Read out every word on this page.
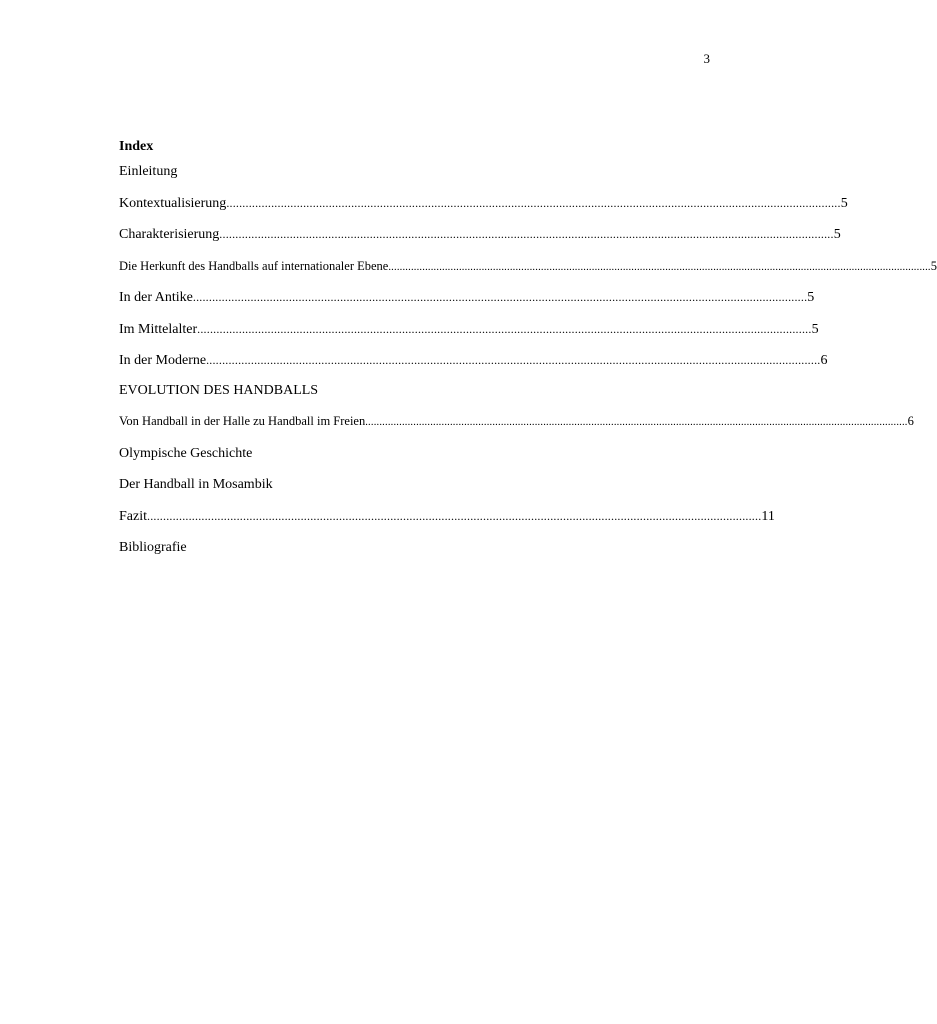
3
Index
Einleitung
Kontextualisierung ................................................................................................................................................................................................ 5
Charakterisierung ................................................................................................................................................................................................ 5
Die Herkunft des Handballs auf internationaler Ebene ................................................................................................................................................................................................ 5
In der Antike ................................................................................................................................................................................................ 5
Im Mittelalter ................................................................................................................................................................................................ 5
In der Moderne ................................................................................................................................................................................................ 6
EVOLUTION DES HANDBALLS
Von Handball in der Halle zu Handball im Freien ................................................................................................................................................................................................ 6
Olympische Geschichte
Der Handball in Mosambik
Fazit ................................................................................................................................................................................................ 11
Bibliografie
